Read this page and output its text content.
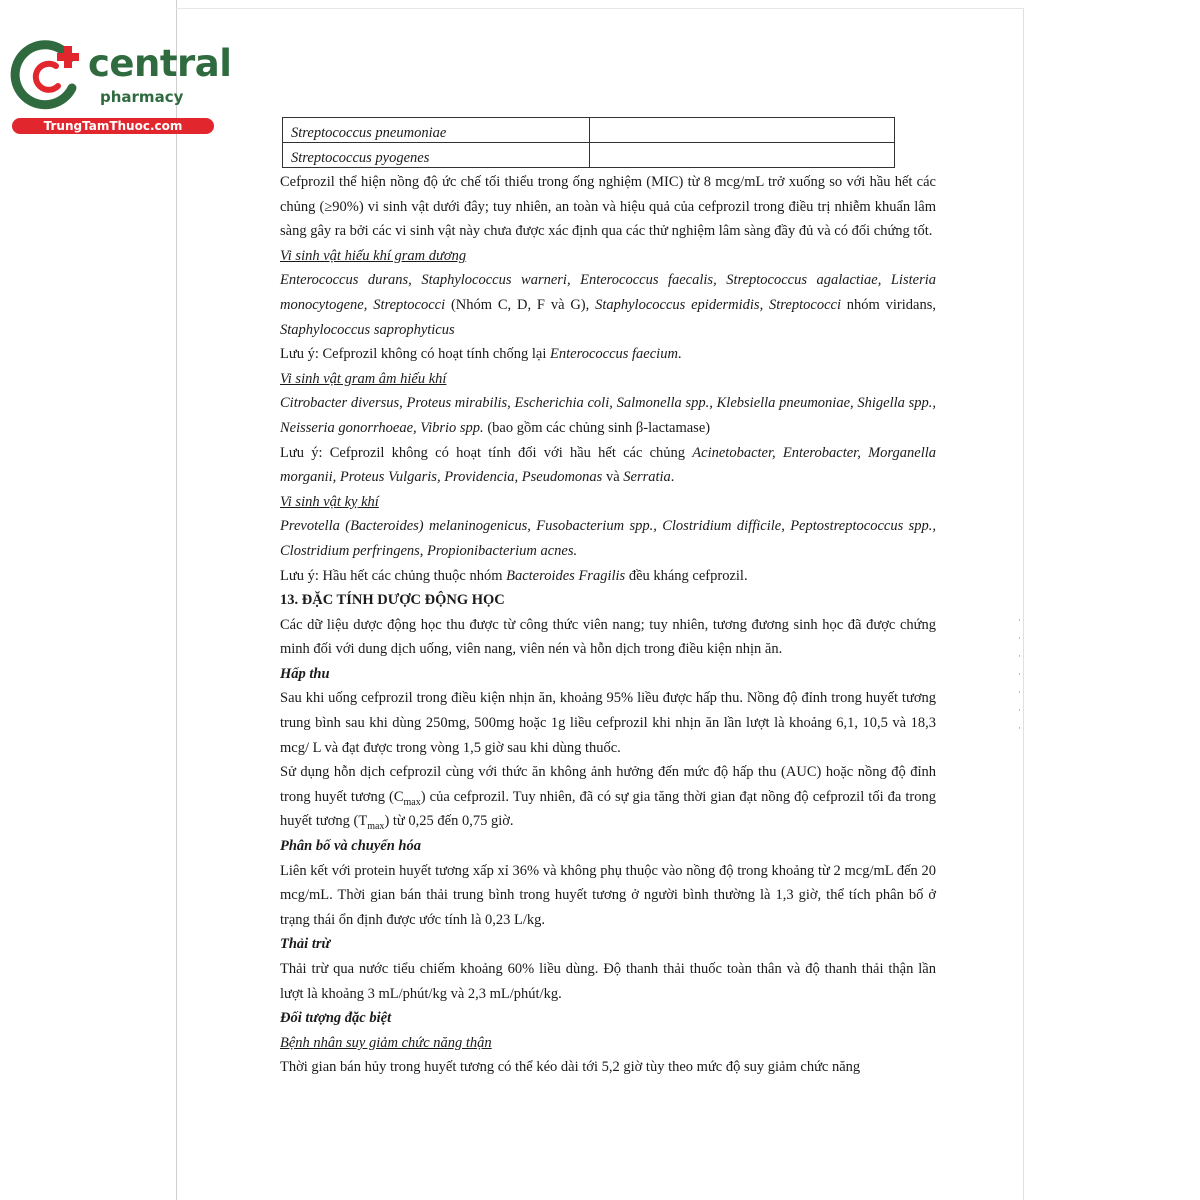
central
pharmacy
TrungTamThuoc.com	Streptococcus pneumoniae	
Streptococcus pyogenes	

Cefprozil thể hiện nồng độ ức chế tối thiểu trong ống nghiệm (MIC) từ 8 mcg/mL trở xuống so với hầu hết các chủng (≥90%) vi sinh vật dưới đây; tuy nhiên, an toàn và hiệu quả của cefprozil trong điều trị nhiễm khuẩn lâm sàng gây ra bởi các vi sinh vật này chưa được xác định qua các thử nghiệm lâm sàng đầy đủ và có đối chứng tốt.

Vi sinh vật hiếu khí gram dương

Enterococcus durans, Staphylococcus warneri, Enterococcus faecalis, Streptococcus agalactiae, Listeria monocytogene, Streptococci (Nhóm C, D, F và G), Staphylococcus epidermidis, Streptococci nhóm viridans, Staphylococcus saprophyticus

Lưu ý: Cefprozil không có hoạt tính chống lại Enterococcus faecium.

Vi sinh vật gram âm hiếu khí

Citrobacter diversus, Proteus mirabilis, Escherichia coli, Salmonella spp., Klebsiella pneumoniae, Shigella spp., Neisseria gonorrhoeae, Vibrio spp. (bao gồm các chủng sinh β-lactamase)

Lưu ý: Cefprozil không có hoạt tính đối với hầu hết các chủng Acinetobacter, Enterobacter, Morganella morganii, Proteus Vulgaris, Providencia, Pseudomonas và Serratia.

Vi sinh vật kỵ khí

Prevotella (Bacteroides) melaninogenicus, Fusobacterium spp., Clostridium difficile, Peptostreptococcus spp., Clostridium perfringens, Propionibacterium acnes.

Lưu ý: Hầu hết các chủng thuộc nhóm Bacteroides Fragilis đều kháng cefprozil.

13. ĐẶC TÍNH DƯỢC ĐỘNG HỌC

Các dữ liệu dược động học thu được từ công thức viên nang; tuy nhiên, tương đương sinh học đã được chứng minh đối với dung dịch uống, viên nang, viên nén và hỗn dịch trong điều kiện nhịn ăn.

Hấp thu

Sau khi uống cefprozil trong điều kiện nhịn ăn, khoảng 95% liều được hấp thu. Nồng độ đỉnh trong huyết tương trung bình sau khi dùng 250mg, 500mg hoặc 1g liều cefprozil khi nhịn ăn lần lượt là khoảng 6,1, 10,5 và 18,3 mcg/ L và đạt được trong vòng 1,5 giờ sau khi dùng thuốc.

Sử dụng hỗn dịch cefprozil cùng với thức ăn không ảnh hưởng đến mức độ hấp thu (AUC) hoặc nồng độ đỉnh trong huyết tương $(C_{max})$ của cefprozil. Tuy nhiên, đã có sự gia tăng thời gian đạt nồng độ cefprozil tối đa trong huyết tương $(T_{max})$ từ 0,25 đến 0,75 giờ.

Phân bố và chuyển hóa

Liên kết với protein huyết tương xấp xỉ 36% và không phụ thuộc vào nồng độ trong khoảng từ 2 mcg/mL đến 20 mcg/mL. Thời gian bán thải trung bình trong huyết tương ở người bình thường là 1,3 giờ, thể tích phân bố ở trạng thái ổn định được ước tính là 0,23 L/kg.

Thải trừ

Thải trừ qua nước tiểu chiếm khoảng 60% liều dùng. Độ thanh thải thuốc toàn thân và độ thanh thải thận lần lượt là khoảng 3 mL/phút/kg và 2,3 mL/phút/kg.

Đối tượng đặc biệt

Bệnh nhân suy giảm chức năng thận

Thời gian bán hủy trong huyết tương có thể kéo dài tới 5,2 giờ tùy theo mức độ suy giảm chức năng

·
·
·
·
·
·
·
